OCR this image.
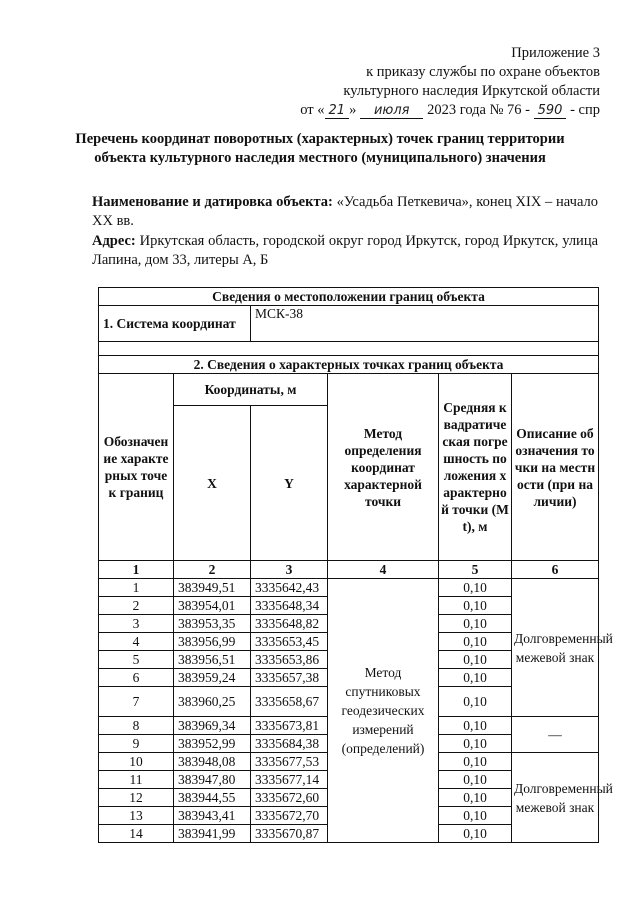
Приложение 3
к приказу службы по охране объектов
культурного наследия Иркутской области
от « 21 » июля 2023 года № 76 - 590 - спр
Перечень координат поворотных (характерных) точек границ территории объекта культурного наследия местного (муниципального) значения
Наименование и датировка объекта: «Усадьба Петкевича», конец XIX – начало XX вв.
Адрес: Иркутская область, городской округ город Иркутск, город Иркутск, улица Лапина, дом 33, литеры А, Б
Сведения о местоположении границ объекта					
1. Система координат		МСК-38			

2. Сведения о характерных точках границ объекта					
Обозначение характерных точек границ	Координаты, м		Метод определения координат характерной точки	Средняя квадратическая погрешность положения характерной точки (Mt), м	Описание обозначения точки на местности (при наличии)
	X	Y			
1	2	3	4	5	6
1	383949,51	3335642,43	Метод спутниковых геодезических измерений (определений)	0,10	Долговременный межевой знак
2	383954,01	3335648,34		0,10	
3	383953,35	3335648,82		0,10	
4	383956,99	3335653,45		0,10	
5	383956,51	3335653,86		0,10	
6	383959,24	3335657,38		0,10	
7	383960,25	3335658,67		0,10	
8	383969,34	3335673,81		0,10	—
9	383952,99	3335684,38		0,10	
10	383948,08	3335677,53		0,10	Долговременный межевой знак
11	383947,80	3335677,14		0,10	
12	383944,55	3335672,60		0,10	
13	383943,41	3335672,70		0,10	
14	383941,99	3335670,87		0,10	
